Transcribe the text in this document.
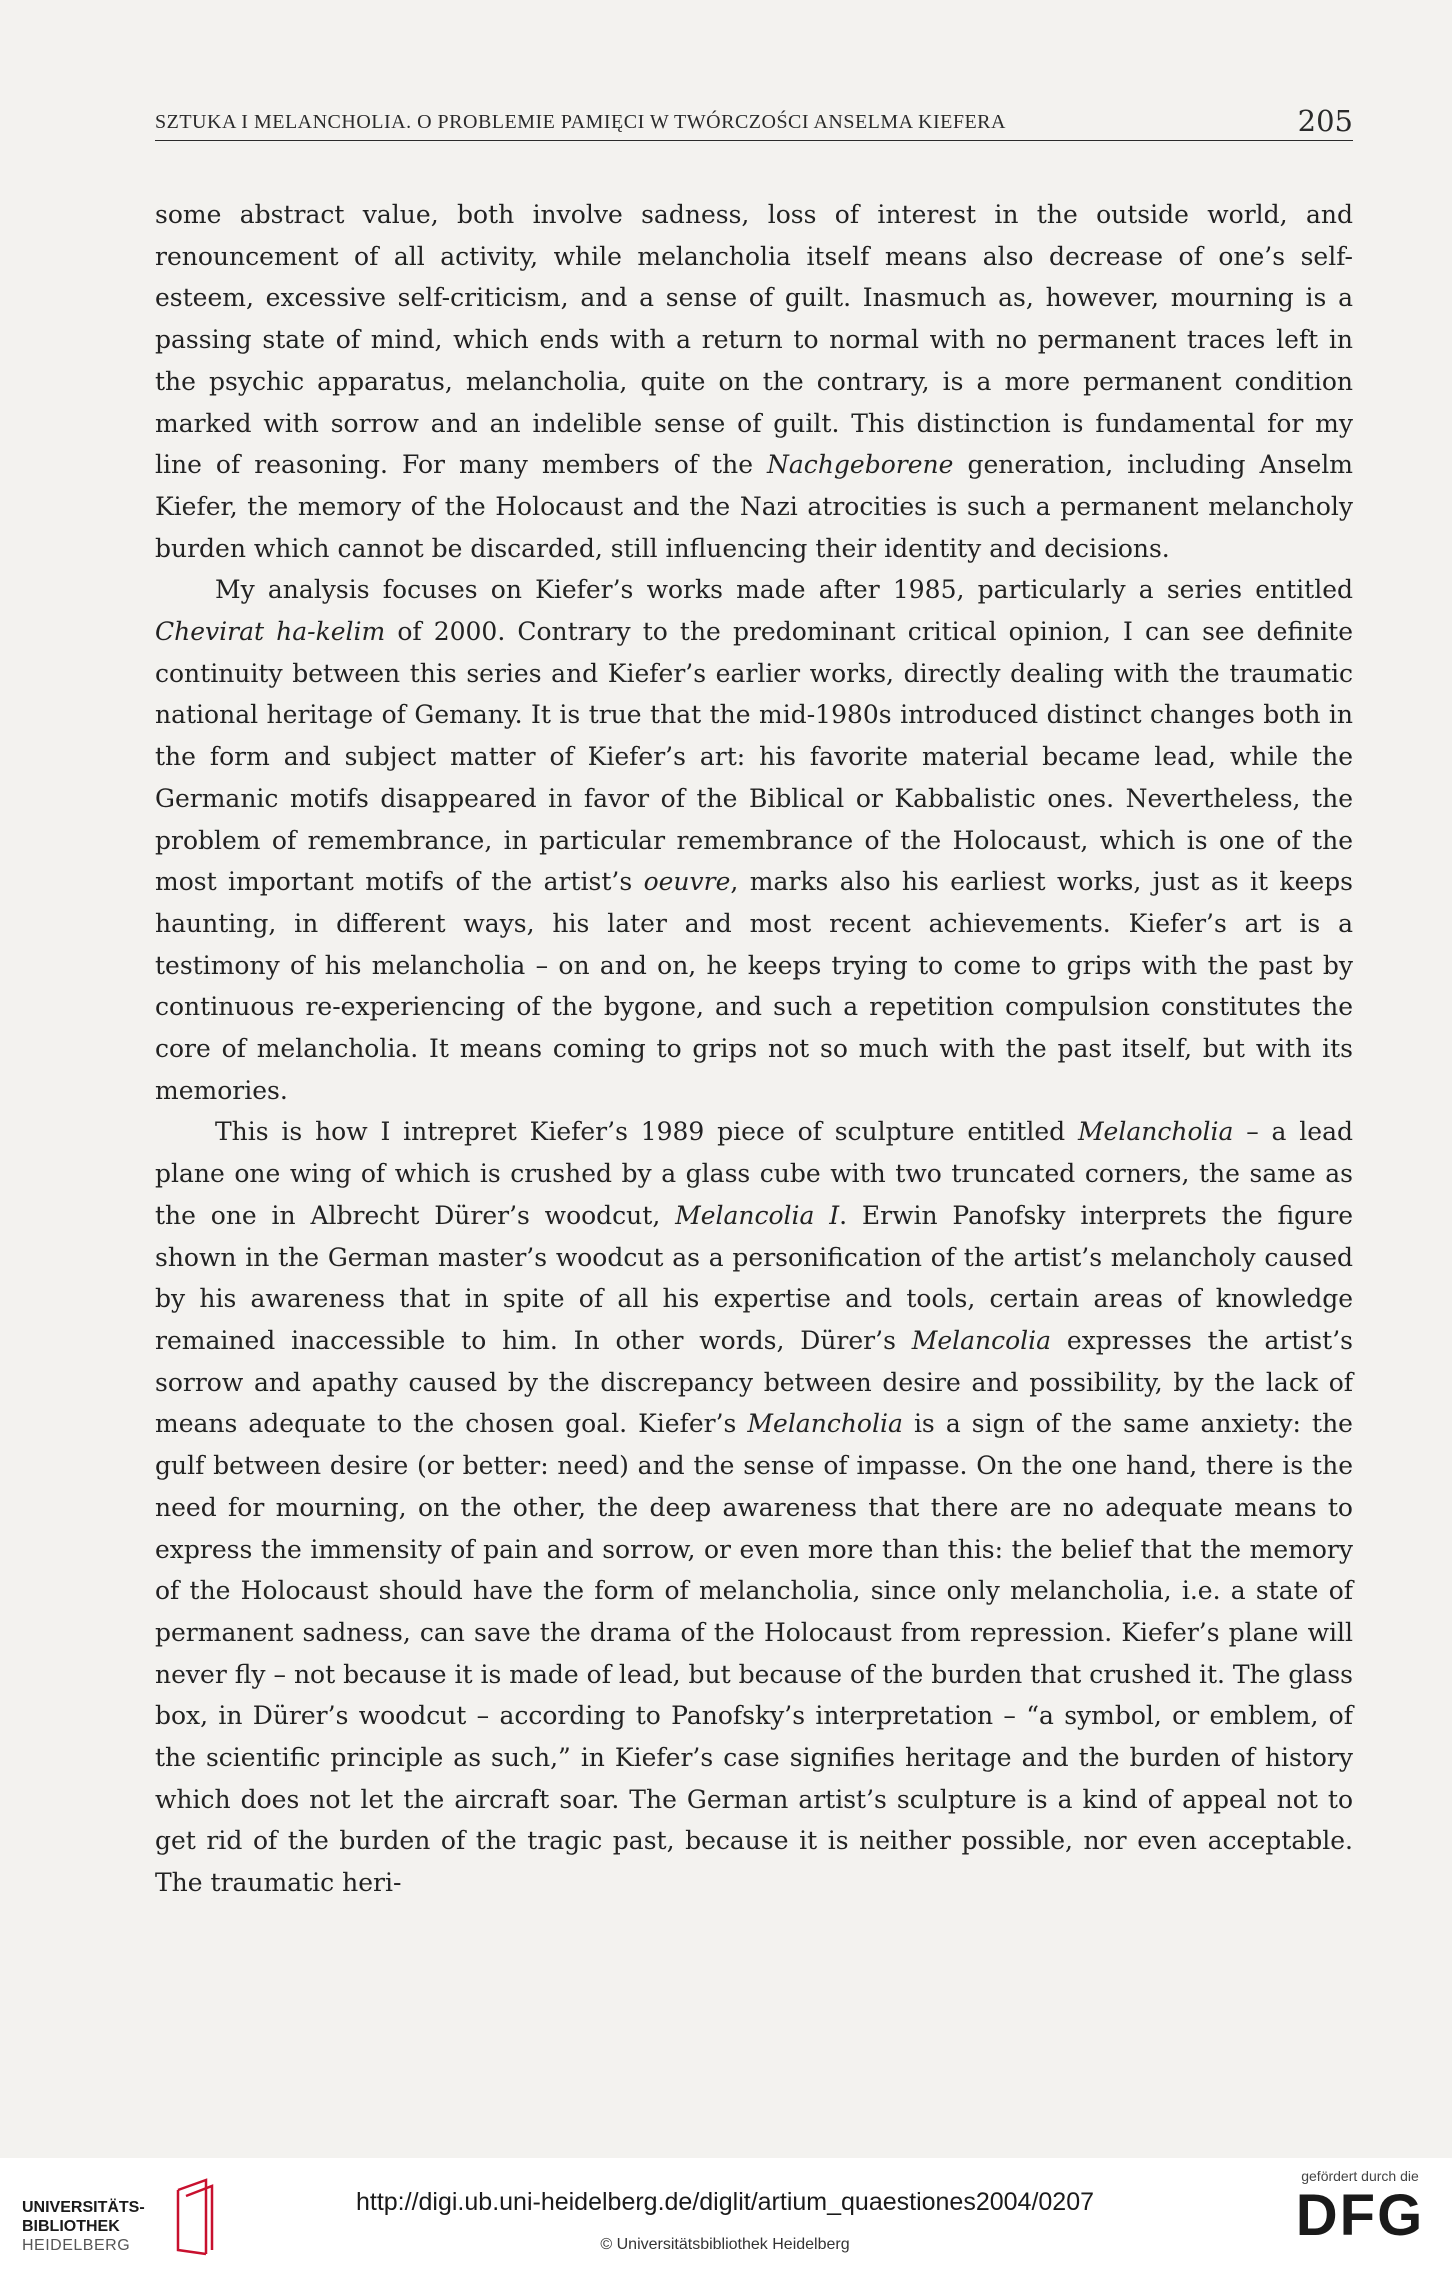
SZTUKA I MELANCHOLIA. O PROBLEMIE PAMIĘCI W TWÓRCZOŚCI ANSELMA KIEFERA	205

some abstract value, both involve sadness, loss of interest in the outside world, and renouncement of all activity, while melancholia itself means also decrease of one’s self-esteem, excessive self-criticism, and a sense of guilt. Inasmuch as, however, mourning is a passing state of mind, which ends with a return to normal with no permanent traces left in the psychic apparatus, melancholia, quite on the contrary, is a more permanent condition marked with sorrow and an indelible sense of guilt. This distinction is fundamental for my line of reasoning. For many members of the Nachgeborene generation, including Anselm Kiefer, the memory of the Holocaust and the Nazi atrocities is such a permanent melancholy burden which cannot be discarded, still influencing their identity and decisions.

My analysis focuses on Kiefer’s works made after 1985, particularly a series entitled Chevirat ha-kelim of 2000. Contrary to the predominant critical opinion, I can see definite continuity between this series and Kiefer’s earlier works, directly dealing with the traumatic national heritage of Gemany. It is true that the mid-1980s introduced distinct changes both in the form and subject matter of Kiefer’s art: his favorite material became lead, while the Germanic motifs disappeared in favor of the Biblical or Kabbalistic ones. Nevertheless, the problem of remembrance, in particular remembrance of the Holocaust, which is one of the most important motifs of the artist’s oeuvre, marks also his earliest works, just as it keeps haunting, in different ways, his later and most recent achievements. Kiefer’s art is a testimony of his melancholia – on and on, he keeps trying to come to grips with the past by continuous re-experiencing of the bygone, and such a repetition compulsion constitutes the core of melancholia. It means coming to grips not so much with the past itself, but with its memories.

This is how I intrepret Kiefer’s 1989 piece of sculpture entitled Melancholia – a lead plane one wing of which is crushed by a glass cube with two truncated corners, the same as the one in Albrecht Dürer’s woodcut, Melancolia I. Erwin Panofsky interprets the figure shown in the German master’s woodcut as a personification of the artist’s melancholy caused by his awareness that in spite of all his expertise and tools, certain areas of knowledge remained inaccessible to him. In other words, Dürer’s Melancolia expresses the artist’s sorrow and apathy caused by the discrepancy between desire and possibility, by the lack of means adequate to the chosen goal. Kiefer’s Melancholia is a sign of the same anxiety: the gulf between desire (or better: need) and the sense of impasse. On the one hand, there is the need for mourning, on the other, the deep awareness that there are no adequate means to express the immensity of pain and sorrow, or even more than this: the belief that the memory of the Holocaust should have the form of melancholia, since only melancholia, i.e. a state of permanent sadness, can save the drama of the Holocaust from repression. Kiefer’s plane will never fly – not because it is made of lead, but because of the burden that crushed it. The glass box, in Dürer’s woodcut – according to Panofsky’s interpretation – “a symbol, or emblem, of the scientific principle as such,” in Kiefer’s case signifies heritage and the burden of history which does not let the aircraft soar. The German artist’s sculpture is a kind of appeal not to get rid of the burden of the tragic past, because it is neither possible, nor even acceptable. The traumatic heri-

UNIVERSITÄTS-
BIBLIOTHEK
HEIDELBERG
http://digi.ub.uni-heidelberg.de/diglit/artium_quaestiones2004/0207
© Universitätsbibliothek Heidelberg
gefördert durch die
DFG
